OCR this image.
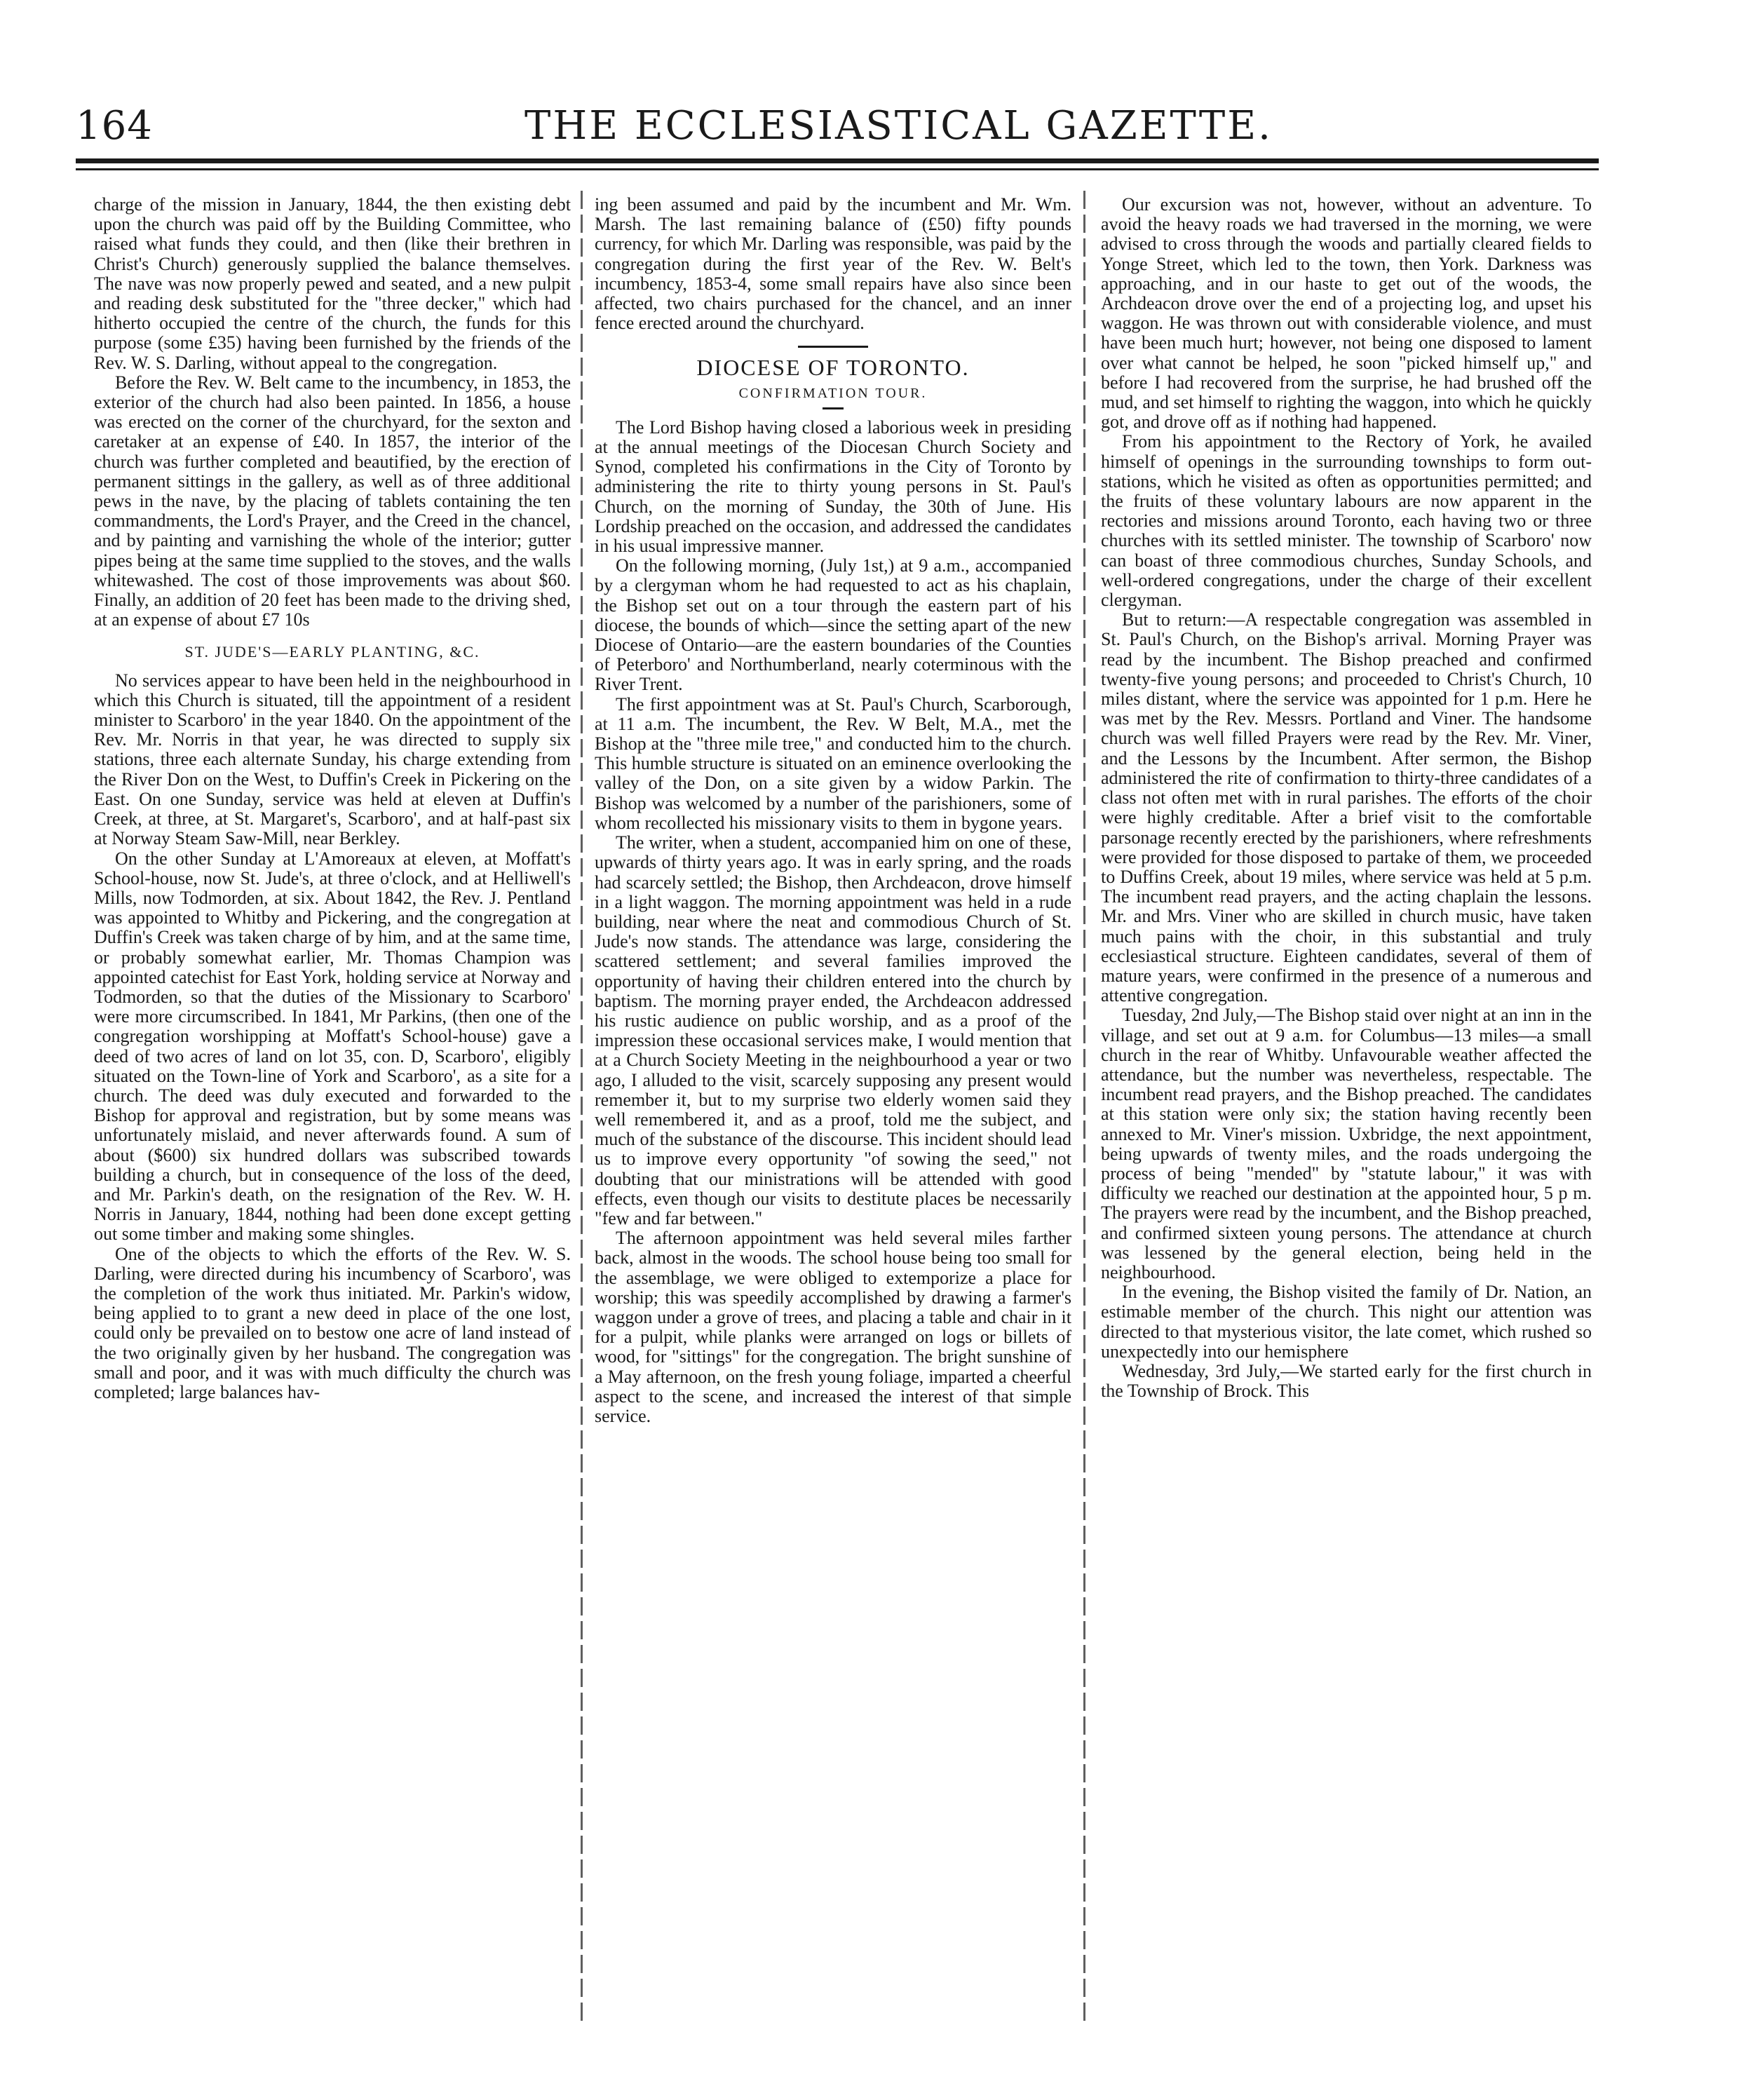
164	THE ECCLESIASTICAL GAZETTE.

charge of the mission in January, 1844, the then existing debt upon the church was paid off by the Building Committee, who raised what funds they could, and then (like their brethren in Christ's Church) generously supplied the balance themselves. The nave was now properly pewed and seated, and a new pulpit and reading desk substituted for the "three decker," which had hitherto occupied the centre of the church, the funds for this purpose (some £35) having been furnished by the friends of the Rev. W. S. Darling, without appeal to the congregation.

Before the Rev. W. Belt came to the incumbency, in 1853, the exterior of the church had also been painted. In 1856, a house was erected on the corner of the churchyard, for the sexton and caretaker at an expense of £40. In 1857, the interior of the church was further completed and beautified, by the erection of permanent sittings in the gallery, as well as of three additional pews in the nave, by the placing of tablets containing the ten commandments, the Lord's Prayer, and the Creed in the chancel, and by painting and varnishing the whole of the interior; gutter pipes being at the same time supplied to the stoves, and the walls whitewashed. The cost of those improvements was about $60. Finally, an addition of 20 feet has been made to the driving shed, at an expense of about £7 10s

ST. JUDE'S—EARLY PLANTING, &C.

No services appear to have been held in the neighbourhood in which this Church is situated, till the appointment of a resident minister to Scarboro' in the year 1840. On the appointment of the Rev. Mr. Norris in that year, he was directed to supply six stations, three each alternate Sunday, his charge extending from the River Don on the West, to Duffin's Creek in Pickering on the East. On one Sunday, service was held at eleven at Duffin's Creek, at three, at St. Margaret's, Scarboro', and at half-past six at Norway Steam Saw-Mill, near Berkley.

On the other Sunday at L'Amoreaux at eleven, at Moffatt's School-house, now St. Jude's, at three o'clock, and at Helliwell's Mills, now Todmorden, at six. About 1842, the Rev. J. Pentland was appointed to Whitby and Pickering, and the congregation at Duffin's Creek was taken charge of by him, and at the same time, or probably somewhat earlier, Mr. Thomas Champion was appointed catechist for East York, holding service at Norway and Todmorden, so that the duties of the Missionary to Scarboro' were more circumscribed. In 1841, Mr Parkins, (then one of the congregation worshipping at Moffatt's School-house) gave a deed of two acres of land on lot 35, con. D, Scarboro', eligibly situated on the Town-line of York and Scarboro', as a site for a church. The deed was duly executed and forwarded to the Bishop for approval and registration, but by some means was unfortunately mislaid, and never afterwards found. A sum of about ($600) six hundred dollars was subscribed towards building a church, but in consequence of the loss of the deed, and Mr. Parkin's death, on the resignation of the Rev. W. H. Norris in January, 1844, nothing had been done except getting out some timber and making some shingles.

One of the objects to which the efforts of the Rev. W. S. Darling, were directed during his incumbency of Scarboro', was the completion of the work thus initiated. Mr. Parkin's widow, being applied to to grant a new deed in place of the one lost, could only be prevailed on to bestow one acre of land instead of the two originally given by her husband. The congregation was small and poor, and it was with much difficulty the church was completed; large balances hav-

ing been assumed and paid by the incumbent and Mr. Wm. Marsh. The last remaining balance of (£50) fifty pounds currency, for which Mr. Darling was responsible, was paid by the congregation during the first year of the Rev. W. Belt's incumbency, 1853-4, some small repairs have also since been affected, two chairs purchased for the chancel, and an inner fence erected around the churchyard.

DIOCESE OF TORONTO.
CONFIRMATION TOUR.

The Lord Bishop having closed a laborious week in presiding at the annual meetings of the Diocesan Church Society and Synod, completed his confirmations in the City of Toronto by administering the rite to thirty young persons in St. Paul's Church, on the morning of Sunday, the 30th of June. His Lordship preached on the occasion, and addressed the candidates in his usual impressive manner.

On the following morning, (July 1st,) at 9 a.m., accompanied by a clergyman whom he had requested to act as his chaplain, the Bishop set out on a tour through the eastern part of his diocese, the bounds of which—since the setting apart of the new Diocese of Ontario—are the eastern boundaries of the Counties of Peterboro' and Northumberland, nearly coterminous with the River Trent.

The first appointment was at St. Paul's Church, Scarborough, at 11 a.m. The incumbent, the Rev. W Belt, M.A., met the Bishop at the "three mile tree," and conducted him to the church. This humble structure is situated on an eminence overlooking the valley of the Don, on a site given by a widow Parkin. The Bishop was welcomed by a number of the parishioners, some of whom recollected his missionary visits to them in bygone years.

The writer, when a student, accompanied him on one of these, upwards of thirty years ago. It was in early spring, and the roads had scarcely settled; the Bishop, then Archdeacon, drove himself in a light waggon. The morning appointment was held in a rude building, near where the neat and commodious Church of St. Jude's now stands. The attendance was large, considering the scattered settlement; and several families improved the opportunity of having their children entered into the church by baptism. The morning prayer ended, the Archdeacon addressed his rustic audience on public worship, and as a proof of the impression these occasional services make, I would mention that at a Church Society Meeting in the neighbourhood a year or two ago, I alluded to the visit, scarcely supposing any present would remember it, but to my surprise two elderly women said they well remembered it, and as a proof, told me the subject, and much of the substance of the discourse. This incident should lead us to improve every opportunity "of sowing the seed," not doubting that our ministrations will be attended with good effects, even though our visits to destitute places be necessarily "few and far between."

The afternoon appointment was held several miles farther back, almost in the woods. The school house being too small for the assemblage, we were obliged to extemporize a place for worship; this was speedily accomplished by drawing a farmer's waggon under a grove of trees, and placing a table and chair in it for a pulpit, while planks were arranged on logs or billets of wood, for "sittings" for the congregation. The bright sunshine of a May afternoon, on the fresh young foliage, imparted a cheerful aspect to the scene, and increased the interest of that simple service.

Our excursion was not, however, without an adventure. To avoid the heavy roads we had traversed in the morning, we were advised to cross through the woods and partially cleared fields to Yonge Street, which led to the town, then York. Darkness was approaching, and in our haste to get out of the woods, the Archdeacon drove over the end of a projecting log, and upset his waggon. He was thrown out with considerable violence, and must have been much hurt; however, not being one disposed to lament over what cannot be helped, he soon "picked himself up," and before I had recovered from the surprise, he had brushed off the mud, and set himself to righting the waggon, into which he quickly got, and drove off as if nothing had happened.

From his appointment to the Rectory of York, he availed himself of openings in the surrounding townships to form out-stations, which he visited as often as opportunities permitted; and the fruits of these voluntary labours are now apparent in the rectories and missions around Toronto, each having two or three churches with its settled minister. The township of Scarboro' now can boast of three commodious churches, Sunday Schools, and well-ordered congregations, under the charge of their excellent clergyman.

But to return:—A respectable congregation was assembled in St. Paul's Church, on the Bishop's arrival. Morning Prayer was read by the incumbent. The Bishop preached and confirmed twenty-five young persons; and proceeded to Christ's Church, 10 miles distant, where the service was appointed for 1 p.m. Here he was met by the Rev. Messrs. Portland and Viner. The handsome church was well filled Prayers were read by the Rev. Mr. Viner, and the Lessons by the Incumbent. After sermon, the Bishop administered the rite of confirmation to thirty-three candidates of a class not often met with in rural parishes. The efforts of the choir were highly creditable. After a brief visit to the comfortable parsonage recently erected by the parishioners, where refreshments were provided for those disposed to partake of them, we proceeded to Duffins Creek, about 19 miles, where service was held at 5 p.m. The incumbent read prayers, and the acting chaplain the lessons. Mr. and Mrs. Viner who are skilled in church music, have taken much pains with the choir, in this substantial and truly ecclesiastical structure. Eighteen candidates, several of them of mature years, were confirmed in the presence of a numerous and attentive congregation.

Tuesday, 2nd July,—The Bishop staid over night at an inn in the village, and set out at 9 a.m. for Columbus—13 miles—a small church in the rear of Whitby. Unfavourable weather affected the attendance, but the number was nevertheless, respectable. The incumbent read prayers, and the Bishop preached. The candidates at this station were only six; the station having recently been annexed to Mr. Viner's mission. Uxbridge, the next appointment, being upwards of twenty miles, and the roads undergoing the process of being "mended" by "statute labour," it was with difficulty we reached our destination at the appointed hour, 5 p m. The prayers were read by the incumbent, and the Bishop preached, and confirmed sixteen young persons. The attendance at church was lessened by the general election, being held in the neighbourhood.

In the evening, the Bishop visited the family of Dr. Nation, an estimable member of the church. This night our attention was directed to that mysterious visitor, the late comet, which rushed so unexpectedly into our hemisphere

Wednesday, 3rd July,—We started early for the first church in the Township of Brock. This
